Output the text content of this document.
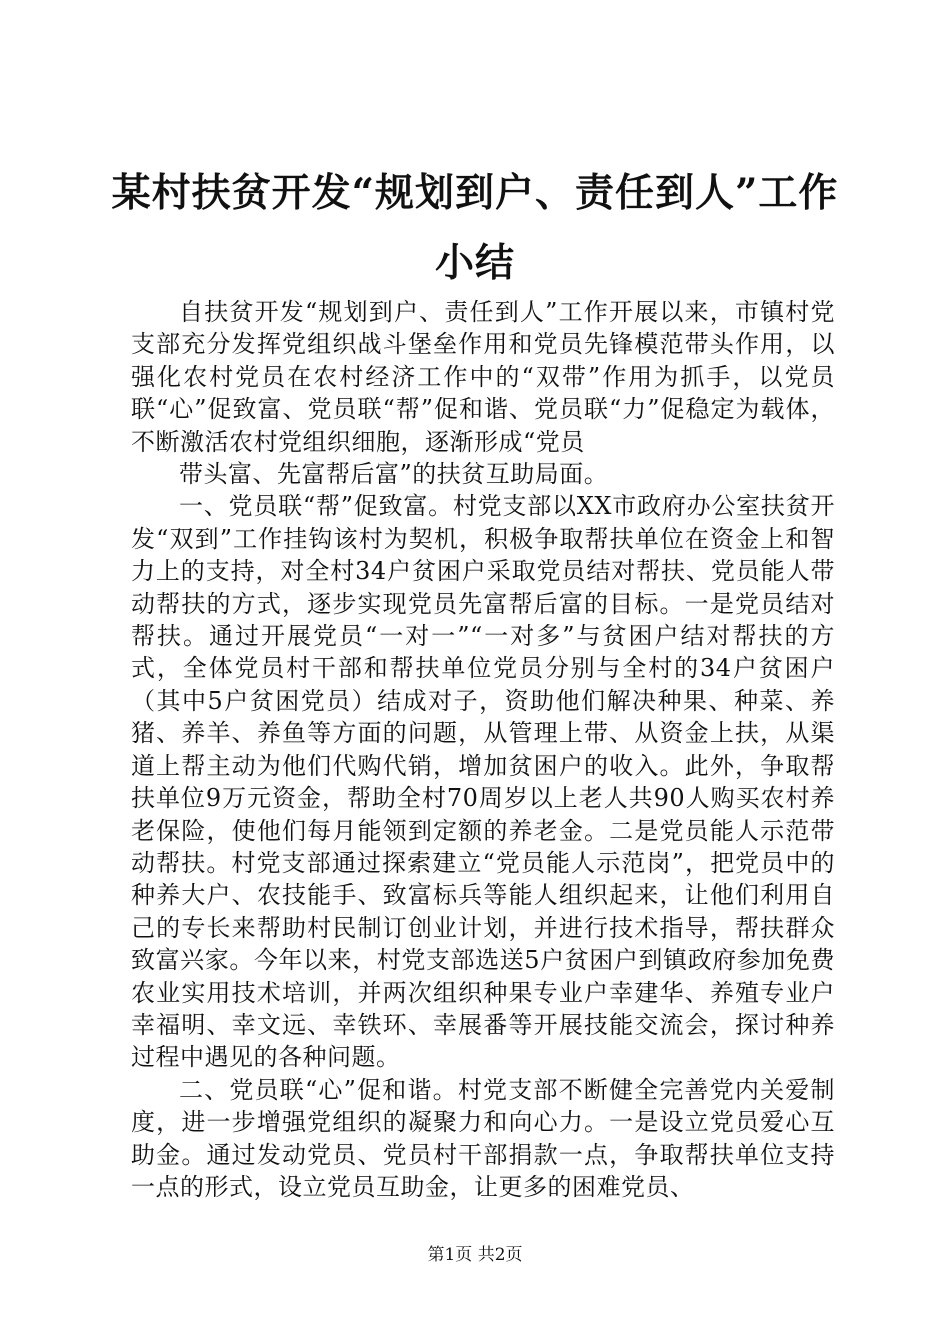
某村扶贫开发“规划到户、责任到人”工作小结

自扶贫开发“规划到户、责任到人”工作开展以来，市镇村党支部充分发挥党组织战斗堡垒作用和党员先锋模范带头作用，以强化农村党员在农村经济工作中的“双带”作用为抓手，以党员联“心”促致富、党员联“帮”促和谐、党员联“力”促稳定为载体，不断激活农村党组织细胞，逐渐形成“党员

带头富、先富帮后富”的扶贫互助局面。

一、党员联“帮”促致富。村党支部以XX市政府办公室扶贫开发“双到”工作挂钩该村为契机，积极争取帮扶单位在资金上和智力上的支持，对全村34户贫困户采取党员结对帮扶、党员能人带动帮扶的方式，逐步实现党员先富帮后富的目标。一是党员结对帮扶。通过开展党员“一对一”“一对多”与贫困户结对帮扶的方式，全体党员村干部和帮扶单位党员分别与全村的34户贫困户（其中5户贫困党员）结成对子，资助他们解决种果、种菜、养猪、养羊、养鱼等方面的问题，从管理上带、从资金上扶，从渠道上帮主动为他们代购代销，增加贫困户的收入。此外，争取帮扶单位9万元资金，帮助全村70周岁以上老人共90人购买农村养老保险，使他们每月能领到定额的养老金。二是党员能人示范带动帮扶。村党支部通过探索建立“党员能人示范岗”，把党员中的种养大户、农技能手、致富标兵等能人组织起来，让他们利用自己的专长来帮助村民制订创业计划，并进行技术指导，帮扶群众致富兴家。今年以来，村党支部选送5户贫困户到镇政府参加免费农业实用技术培训，并两次组织种果专业户幸建华、养殖专业户幸福明、幸文远、幸铁环、幸展番等开展技能交流会，探讨种养过程中遇见的各种问题。

二、党员联“心”促和谐。村党支部不断健全完善党内关爱制度，进一步增强党组织的凝聚力和向心力。一是设立党员爱心互助金。通过发动党员、党员村干部捐款一点，争取帮扶单位支持一点的形式，设立党员互助金，让更多的困难党员、

第1页 共2页
